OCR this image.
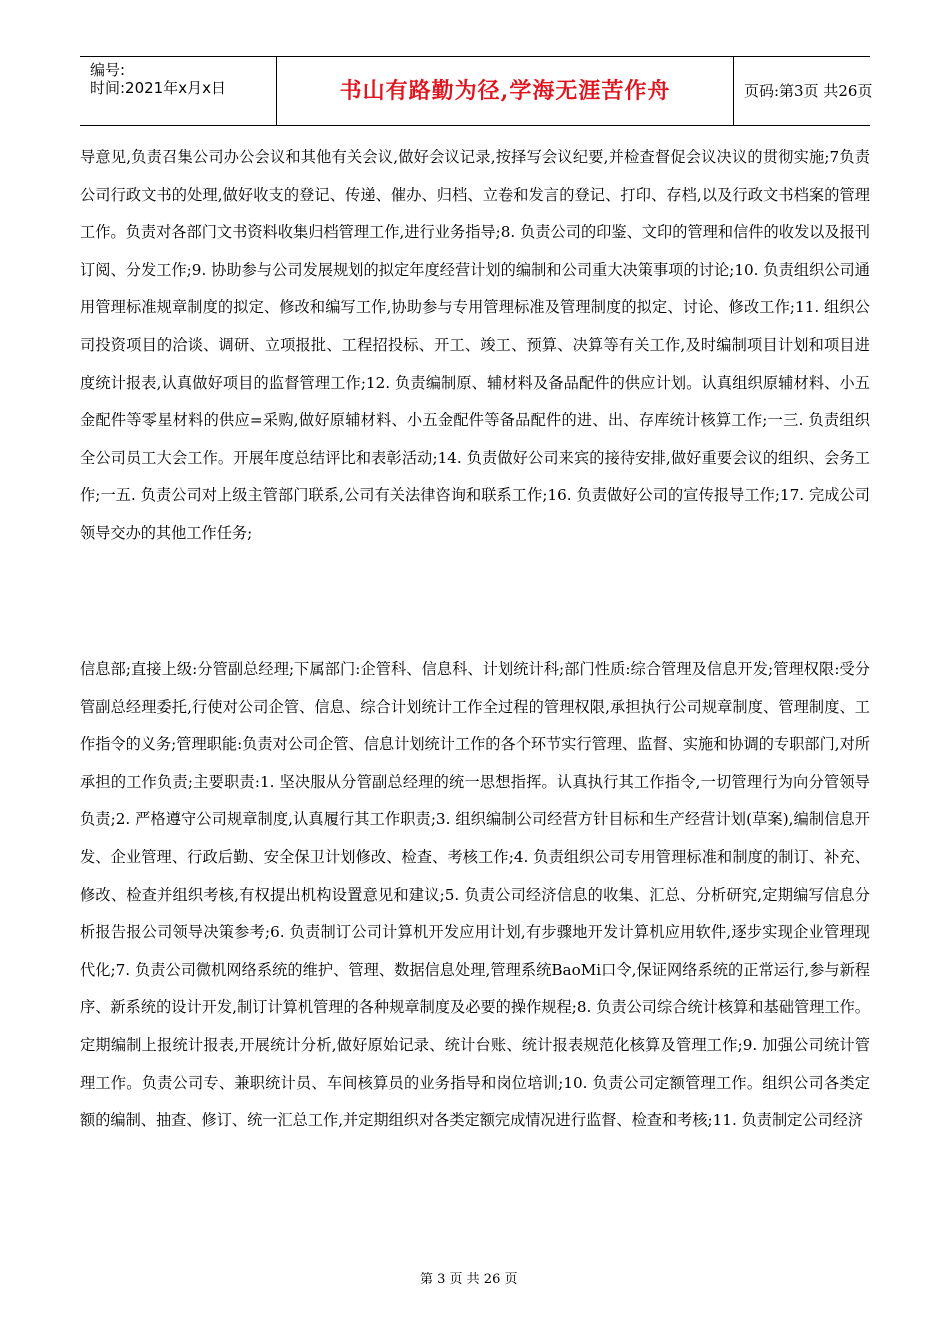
编号:
时间:2021年x月x日	书山有路勤为径,学海无涯苦作舟	页码:第3页 共26页
导意见,负责召集公司办公会议和其他有关会议,做好会议记录,按择写会议纪要,并检查督促会议决议的贯彻实施;7负责公司行政文书的处理,做好收支的登记、传递、催办、归档、立卷和发言的登记、打印、存档,以及行政文书档案的管理工作。负责对各部门文书资料收集归档管理工作,进行业务指导;8. 负责公司的印鉴、文印的管理和信件的收发以及报刊订阅、分发工作;9. 协助参与公司发展规划的拟定年度经营计划的编制和公司重大决策事项的讨论;10. 负责组织公司通用管理标准规章制度的拟定、修改和编写工作,协助参与专用管理标准及管理制度的拟定、讨论、修改工作;11. 组织公司投资项目的洽谈、调研、立项报批、工程招投标、开工、竣工、预算、决算等有关工作,及时编制项目计划和项目进度统计报表,认真做好项目的监督管理工作;12. 负责编制原、辅材料及备品配件的供应计划。认真组织原辅材料、小五金配件等零星材料的供应=采购,做好原辅材料、小五金配件等备品配件的进、出、存库统计核算工作;一三. 负责组织全公司员工大会工作。开展年度总结评比和表彰活动;14. 负责做好公司来宾的接待安排,做好重要会议的组织、会务工作;一五. 负责公司对上级主管部门联系,公司有关法律咨询和联系工作;16. 负责做好公司的宣传报导工作;17. 完成公司领导交办的其他工作任务;
信息部;直接上级:分管副总经理;下属部门:企管科、信息科、计划统计科;部门性质:综合管理及信息开发;管理权限:受分管副总经理委托,行使对公司企管、信息、综合计划统计工作全过程的管理权限,承担执行公司规章制度、管理制度、工作指令的义务;管理职能:负责对公司企管、信息计划统计工作的各个环节实行管理、监督、实施和协调的专职部门,对所承担的工作负责;主要职责:1. 坚决服从分管副总经理的统一思想指挥。认真执行其工作指令,一切管理行为向分管领导负责;2. 严格遵守公司规章制度,认真履行其工作职责;3. 组织编制公司经营方针目标和生产经营计划(草案),编制信息开发、企业管理、行政后勤、安全保卫计划修改、检查、考核工作;4. 负责组织公司专用管理标准和制度的制订、补充、修改、检查并组织考核,有权提出机构设置意见和建议;5. 负责公司经济信息的收集、汇总、分析研究,定期编写信息分析报告报公司领导决策参考;6. 负责制订公司计算机开发应用计划,有步骤地开发计算机应用软件,逐步实现企业管理现代化;7. 负责公司微机网络系统的维护、管理、数据信息处理,管理系统BaoMi口令,保证网络系统的正常运行,参与新程序、新系统的设计开发,制订计算机管理的各种规章制度及必要的操作规程;8. 负责公司综合统计核算和基础管理工作。定期编制上报统计报表,开展统计分析,做好原始记录、统计台账、统计报表规范化核算及管理工作;9. 加强公司统计管理工作。负责公司专、兼职统计员、车间核算员的业务指导和岗位培训;10. 负责公司定额管理工作。组织公司各类定额的编制、抽查、修订、统一汇总工作,并定期组织对各类定额完成情况进行监督、检查和考核;11. 负责制定公司经济
第 3 页 共 26 页
